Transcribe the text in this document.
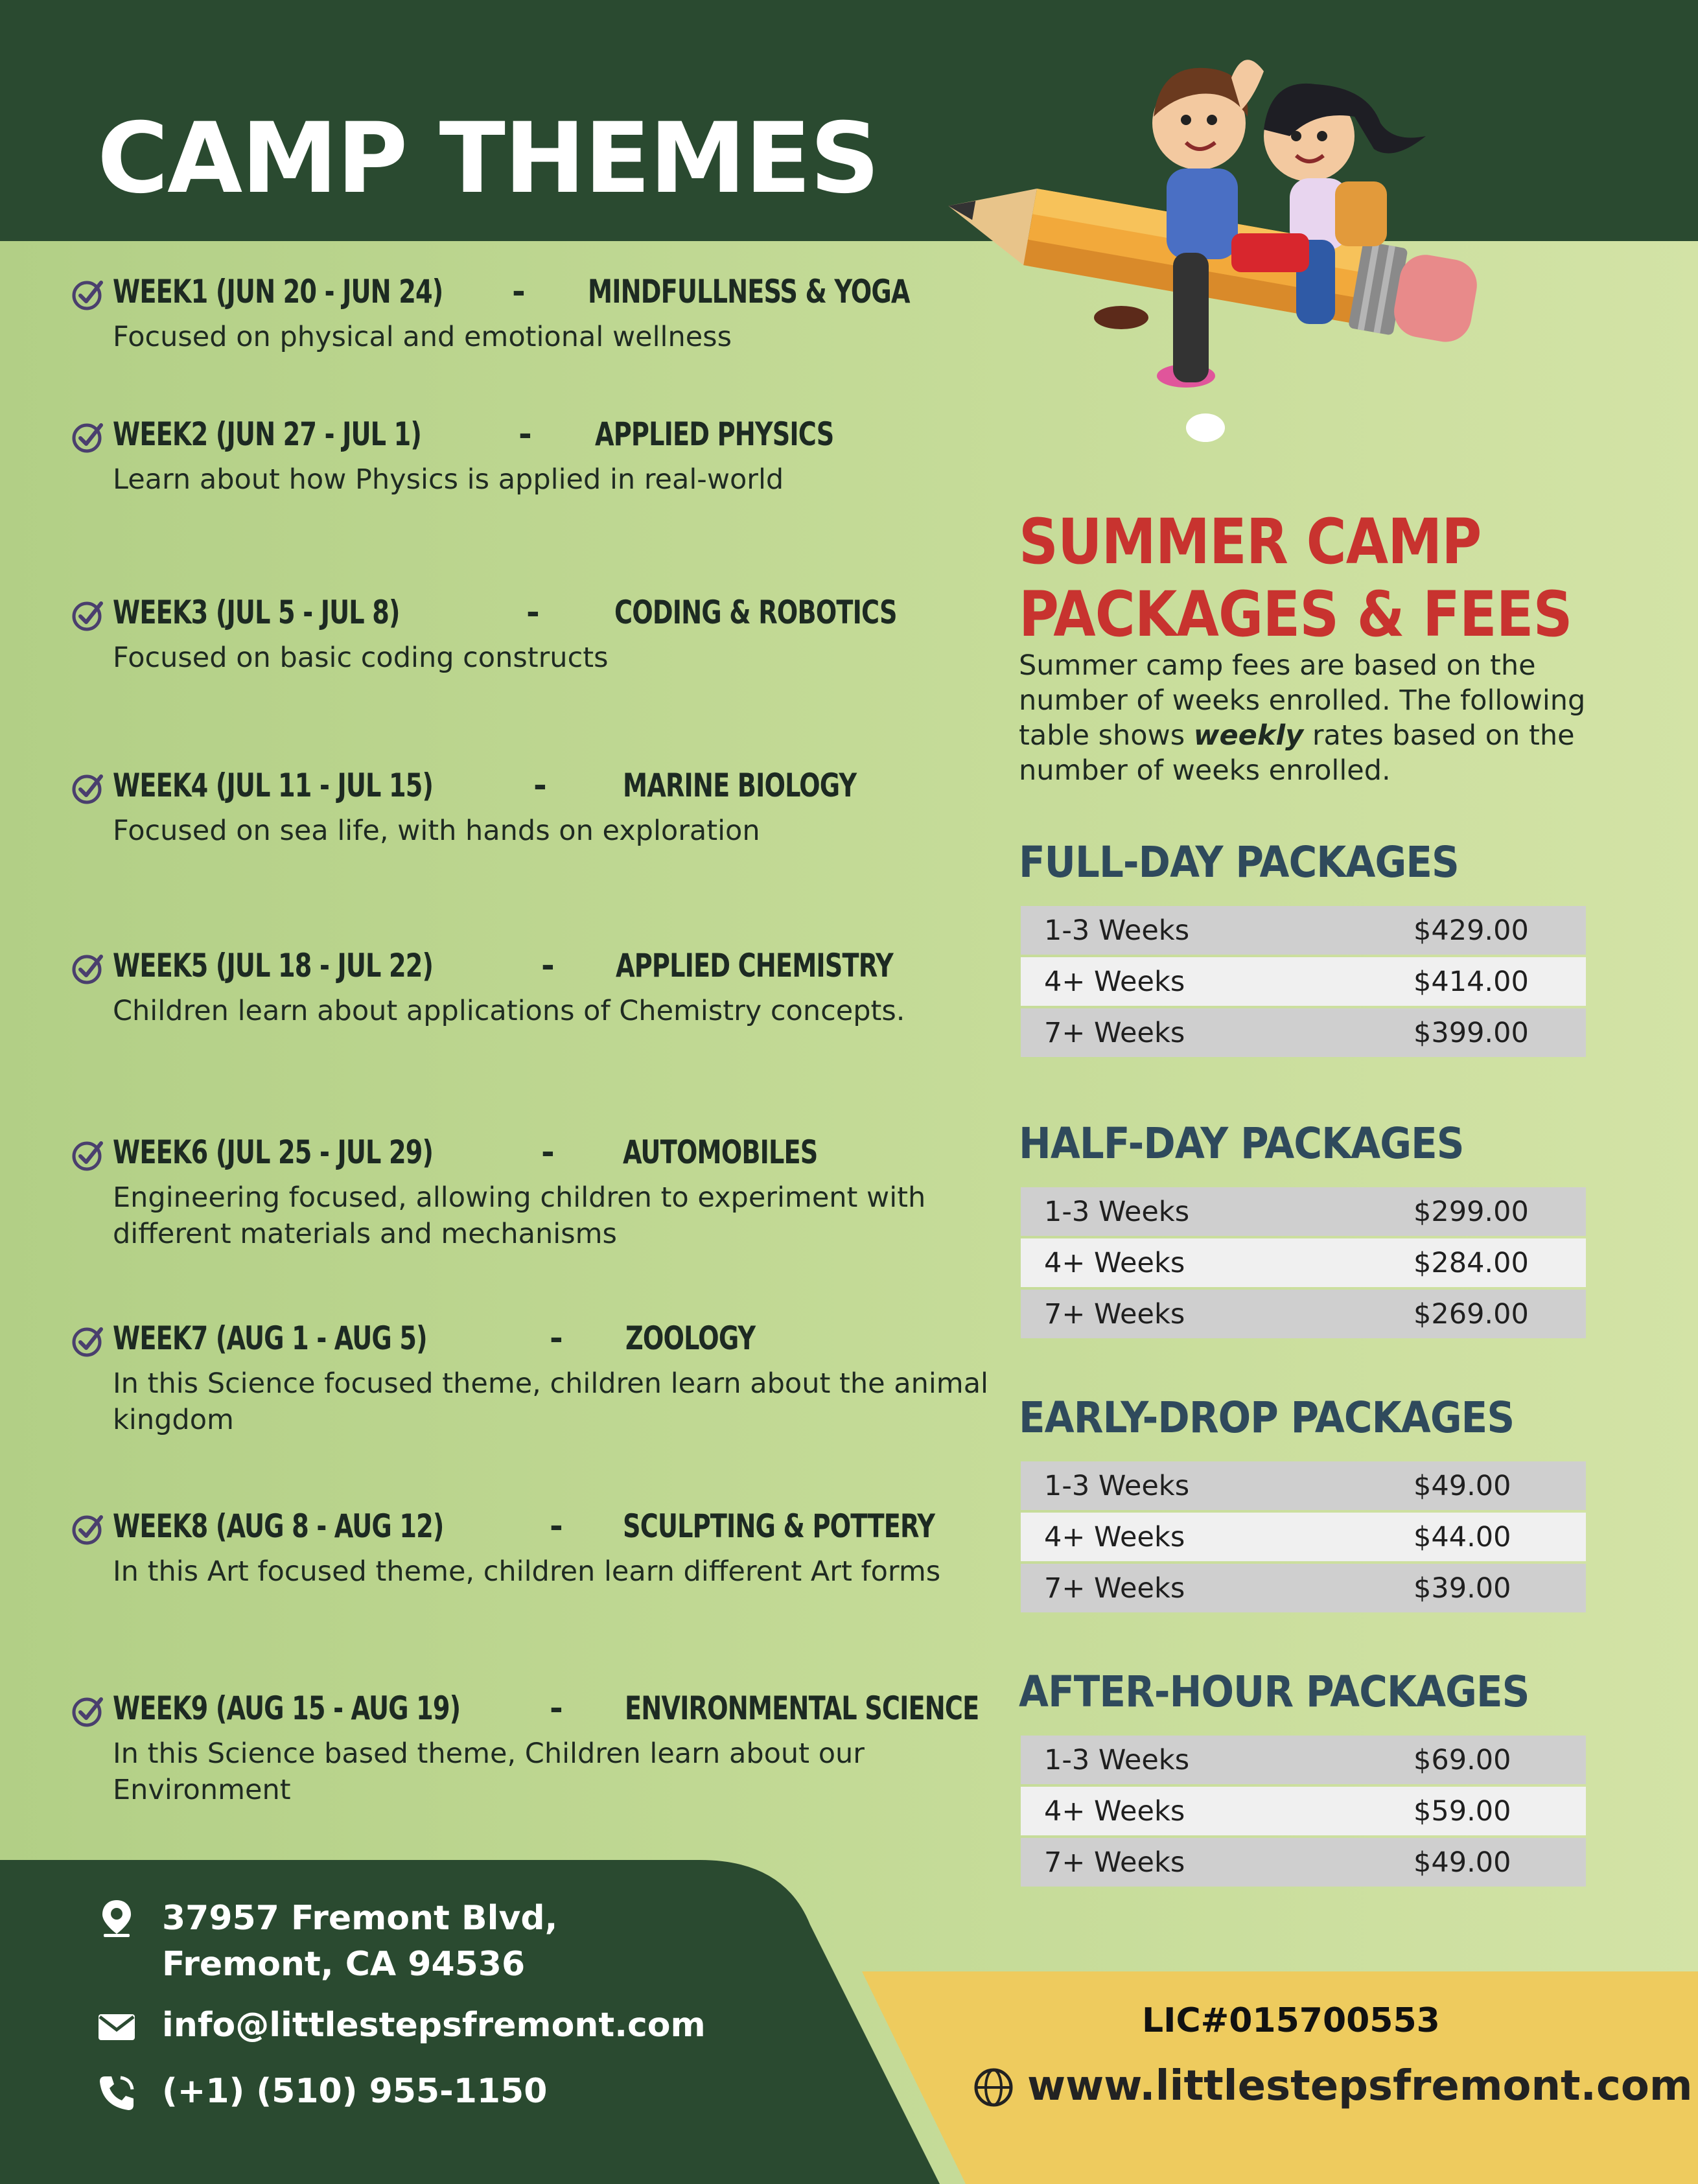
CAMP THEMES
WEEK1 (JUN 20 - JUN 24)	- MINDFULLNESS & YOGA
Focused on physical and emotional wellness
WEEK2 (JUN 27 - JUL 1)	- APPLIED PHYSICS
Learn about how Physics is applied in real-world
WEEK3 (JUL 5 - JUL 8)	- CODING & ROBOTICS
Focused on basic coding constructs
WEEK4 (JUL 11 - JUL 15)	- MARINE BIOLOGY
Focused on sea life, with hands on exploration
WEEK5 (JUL 18 - JUL 22)	- APPLIED CHEMISTRY
Children learn about applications of Chemistry concepts.
WEEK6 (JUL 25 - JUL 29)	- AUTOMOBILES
Engineering focused, allowing children to experiment with different materials and mechanisms
WEEK7 (AUG 1 - AUG 5)	- ZOOLOGY
In this Science focused theme, children learn about the animal kingdom
WEEK8 (AUG 8 - AUG 12)	- SCULPTING & POTTERY
In this Art focused theme, children learn different Art forms
WEEK9 (AUG 15 - AUG 19)	- ENVIRONMENTAL SCIENCE
In this Science based theme, Children learn about our Environment
SUMMER CAMP
PACKAGES & FEES
Summer camp fees are based on the number of weeks enrolled. The following table shows weekly rates based on the number of weeks enrolled.
FULL-DAY PACKAGES
1-3 Weeks	$429.00
4+ Weeks	$414.00
7+ Weeks	$399.00
HALF-DAY PACKAGES
1-3 Weeks	$299.00
4+ Weeks	$284.00
7+ Weeks	$269.00
EARLY-DROP PACKAGES
1-3 Weeks	$49.00
4+ Weeks	$44.00
7+ Weeks	$39.00
AFTER-HOUR PACKAGES
1-3 Weeks	$69.00
4+ Weeks	$59.00
7+ Weeks	$49.00
37957 Fremont Blvd,
Fremont, CA 94536
info@littlestepsfremont.com
(+1) (510) 955-1150
LIC#015700553
www.littlestepsfremont.com
